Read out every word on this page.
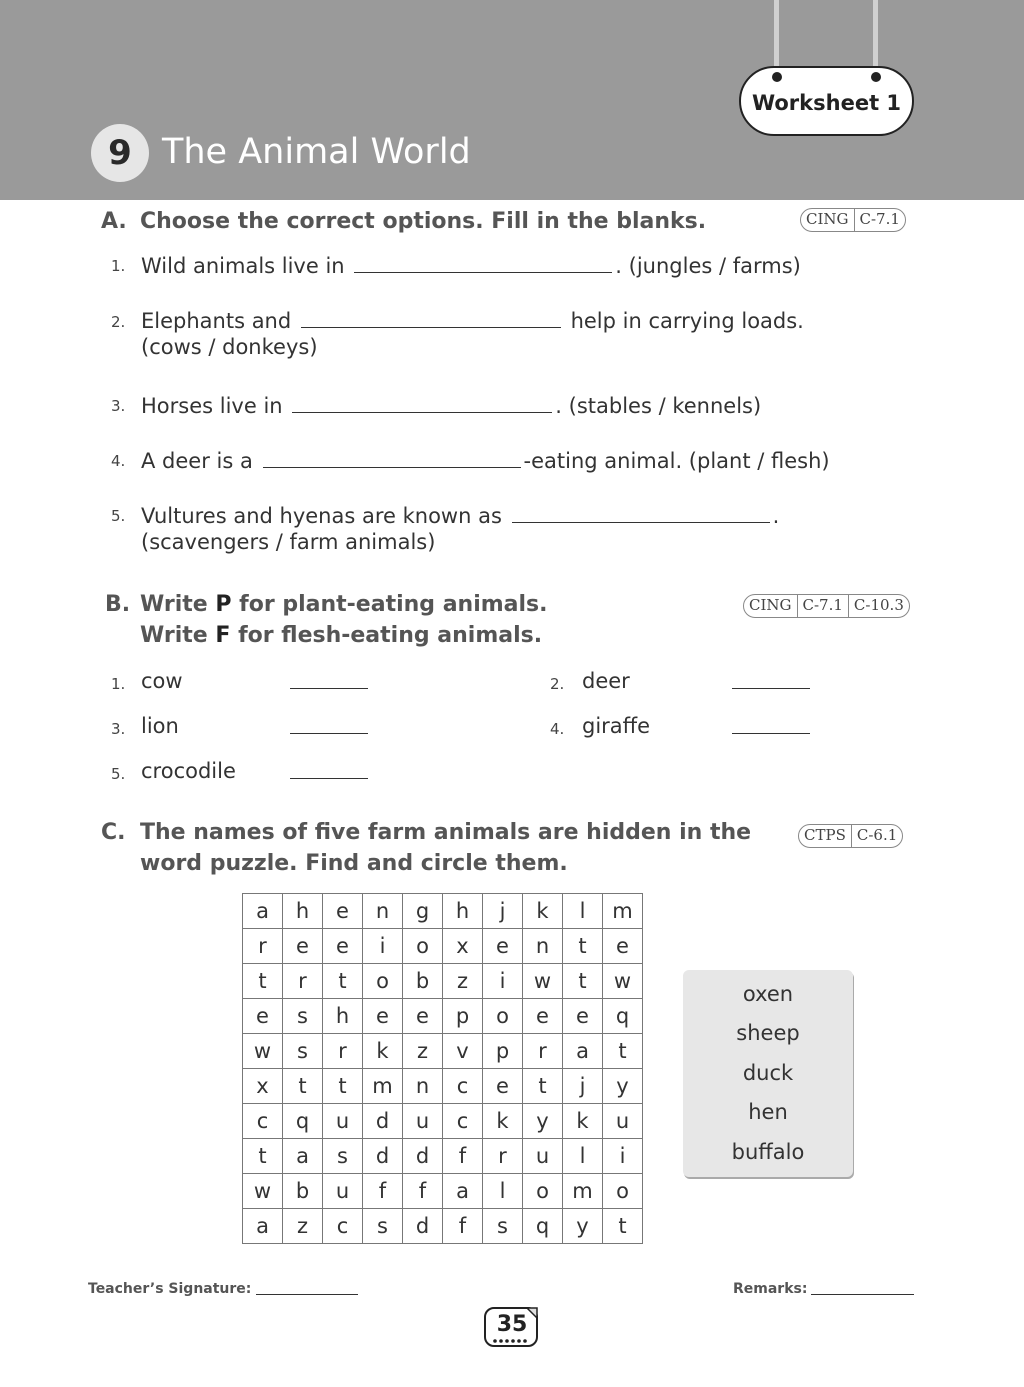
9 The Animal World
Worksheet 1
A. Choose the correct options. Fill in the blanks.	CING C-7.1
1. Wild animals live in	. (jungles / farms)
2. Elephants and	help in carrying loads.
(cows / donkeys)
3. Horses live in	. (stables / kennels)
4. A deer is a	-eating animal. (plant / flesh)
5. Vultures and hyenas are known as	.
(scavengers / farm animals)
B. Write P for plant-eating animals.
Write F for flesh-eating animals.
CING C-7.1 C-10.3
1. cow	2. deer
3. lion	4. giraffe
5. crocodile
C. The names of five farm animals are hidden in the
word puzzle. Find and circle them.
CTPS C-6.1
a	h	e	n	g	h	j	k	l	m
r	e	e	i	o	x	e	n	t	e
t	r	t	o	b	z	i	w	t	w
e	s	h	e	e	p	o	e	e	q
w	s	r	k	z	v	p	r	a	t
x	t	t	m	n	c	e	t	j	y
c	q	u	d	u	c	k	y	k	u
t	a	s	d	d	f	r	u	l	i
w	b	u	f	f	a	l	o	m	o
a	z	c	s	d	f	s	q	y	t
oxen
sheep
duck
hen
buffalo
Teacher’s Signature:	Remarks:
35
